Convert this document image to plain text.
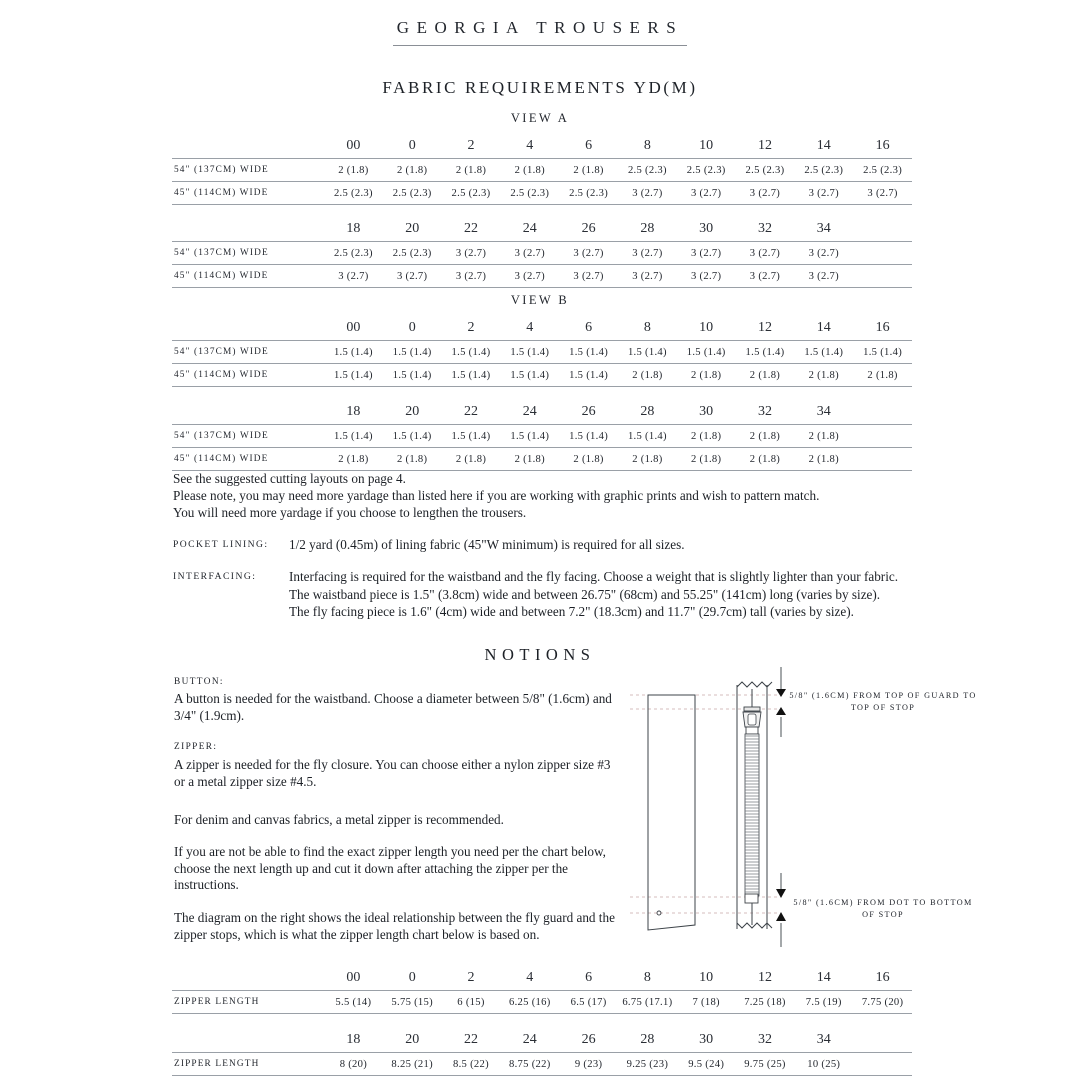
GEORGIA TROUSERS
FABRIC REQUIREMENTS YD(M)
VIEW A
	00	0	2	4	6	8	10	12	14	16
54" (137CM) WIDE	2 (1.8)	2 (1.8)	2 (1.8)	2 (1.8)	2 (1.8)	2.5 (2.3)	2.5 (2.3)	2.5 (2.3)	2.5 (2.3)	2.5 (2.3)
45" (114CM) WIDE	2.5 (2.3)	2.5 (2.3)	2.5 (2.3)	2.5 (2.3)	2.5 (2.3)	3 (2.7)	3 (2.7)	3 (2.7)	3 (2.7)	3 (2.7)
	18	20	22	24	26	28	30	32	34	
54" (137CM) WIDE	2.5 (2.3)	2.5 (2.3)	3 (2.7)	3 (2.7)	3 (2.7)	3 (2.7)	3 (2.7)	3 (2.7)	3 (2.7)	
45" (114CM) WIDE	3 (2.7)	3 (2.7)	3 (2.7)	3 (2.7)	3 (2.7)	3 (2.7)	3 (2.7)	3 (2.7)	3 (2.7)	
VIEW B
	00	0	2	4	6	8	10	12	14	16
54" (137CM) WIDE	1.5 (1.4)	1.5 (1.4)	1.5 (1.4)	1.5 (1.4)	1.5 (1.4)	1.5 (1.4)	1.5 (1.4)	1.5 (1.4)	1.5 (1.4)	1.5 (1.4)
45" (114CM) WIDE	1.5 (1.4)	1.5 (1.4)	1.5 (1.4)	1.5 (1.4)	1.5 (1.4)	2 (1.8)	2 (1.8)	2 (1.8)	2 (1.8)	2 (1.8)
	18	20	22	24	26	28	30	32	34	
54" (137CM) WIDE	1.5 (1.4)	1.5 (1.4)	1.5 (1.4)	1.5 (1.4)	1.5 (1.4)	1.5 (1.4)	2 (1.8)	2 (1.8)	2 (1.8)	
45" (114CM) WIDE	2 (1.8)	2 (1.8)	2 (1.8)	2 (1.8)	2 (1.8)	2 (1.8)	2 (1.8)	2 (1.8)	2 (1.8)	
See the suggested cutting layouts on page 4.
Please note, you may need more yardage than listed here if you are working with graphic prints and wish to pattern match.
You will need more yardage if you choose to lengthen the trousers.
POCKET LINING:	1/2 yard (0.45m) of lining fabric (45"W minimum) is required for all sizes.
INTERFACING:	Interfacing is required for the waistband and the fly facing. Choose a weight that is slightly lighter than your fabric.
The waistband piece is 1.5" (3.8cm) wide and between 26.75" (68cm) and 55.25" (141cm) long (varies by size).
The fly facing piece is 1.6" (4cm) wide and between 7.2" (18.3cm) and 11.7" (29.7cm) tall (varies by size).
NOTIONS
BUTTON:
A button is needed for the waistband. Choose a diameter between 5/8" (1.6cm) and 3/4" (1.9cm).
ZIPPER:
A zipper is needed for the fly closure. You can choose either a nylon zipper size #3 or a metal zipper size #4.5.
For denim and canvas fabrics, a metal zipper is recommended.
If you are not be able to find the exact zipper length you need per the chart below, choose the next length up and cut it down after attaching the zipper per the instructions.
The diagram on the right shows the ideal relationship between the fly guard and the zipper stops, which is what the zipper length chart below is based on.
5/8" (1.6CM) FROM TOP OF GUARD TO TOP OF STOP
5/8" (1.6CM) FROM DOT TO BOTTOM OF STOP
	00	0	2	4	6	8	10	12	14	16
ZIPPER LENGTH	5.5 (14)	5.75 (15)	6 (15)	6.25 (16)	6.5 (17)	6.75 (17.1)	7 (18)	7.25 (18)	7.5 (19)	7.75 (20)
	18	20	22	24	26	28	30	32	34	
ZIPPER LENGTH	8 (20)	8.25 (21)	8.5 (22)	8.75 (22)	9 (23)	9.25 (23)	9.5 (24)	9.75 (25)	10 (25)	
